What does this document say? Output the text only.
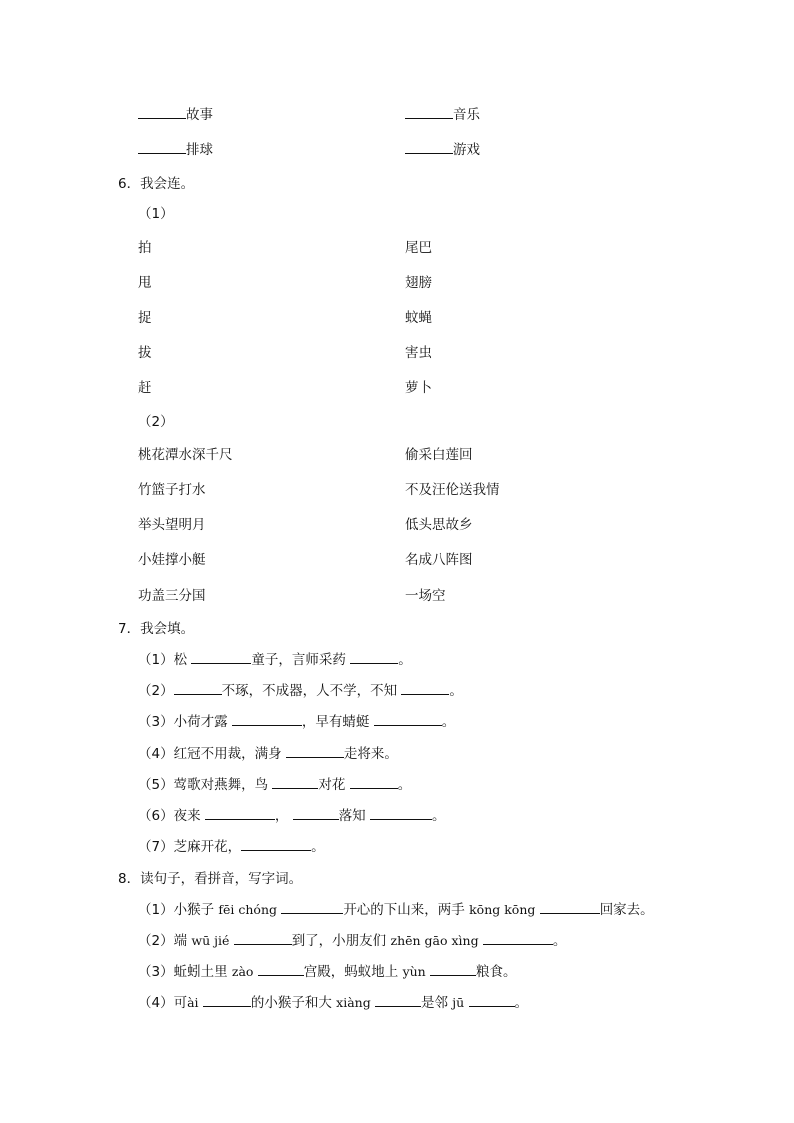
故事	音乐
排球	游戏
6．我会连。
（1）
拍	尾巴
甩	翅膀
捉	蚊蝇
拔	害虫
赶	萝卜
（2）
桃花潭水深千尺	偷采白莲回
竹篮子打水	不及汪伦送我情
举头望明月	低头思故乡
小娃撑小艇	名成八阵图
功盖三分国	一场空
7．我会填。
（1）松	童子，言师采药	。
（2）	不琢，不成器，人不学，不知	。
（3）小荷才露	，早有蜻蜓	。
（4）红冠不用裁，满身	走将来。
（5）莺歌对燕舞，鸟	对花	。
（6）夜来	，	落知	。
（7）芝麻开花，	。
8．读句子，看拼音，写字词。
（1）小猴子 fēi chóng	开心的下山来，两手 kōng kōng	回家去。
（2）端 wū jié	到了，小朋友们 zhēn gāo xìng	。
（3）蚯蚓土里 zào	宫殿，蚂蚁地上 yùn	粮食。
（4）可ài	的小猴子和大 xiàng	是邻 jū	。
